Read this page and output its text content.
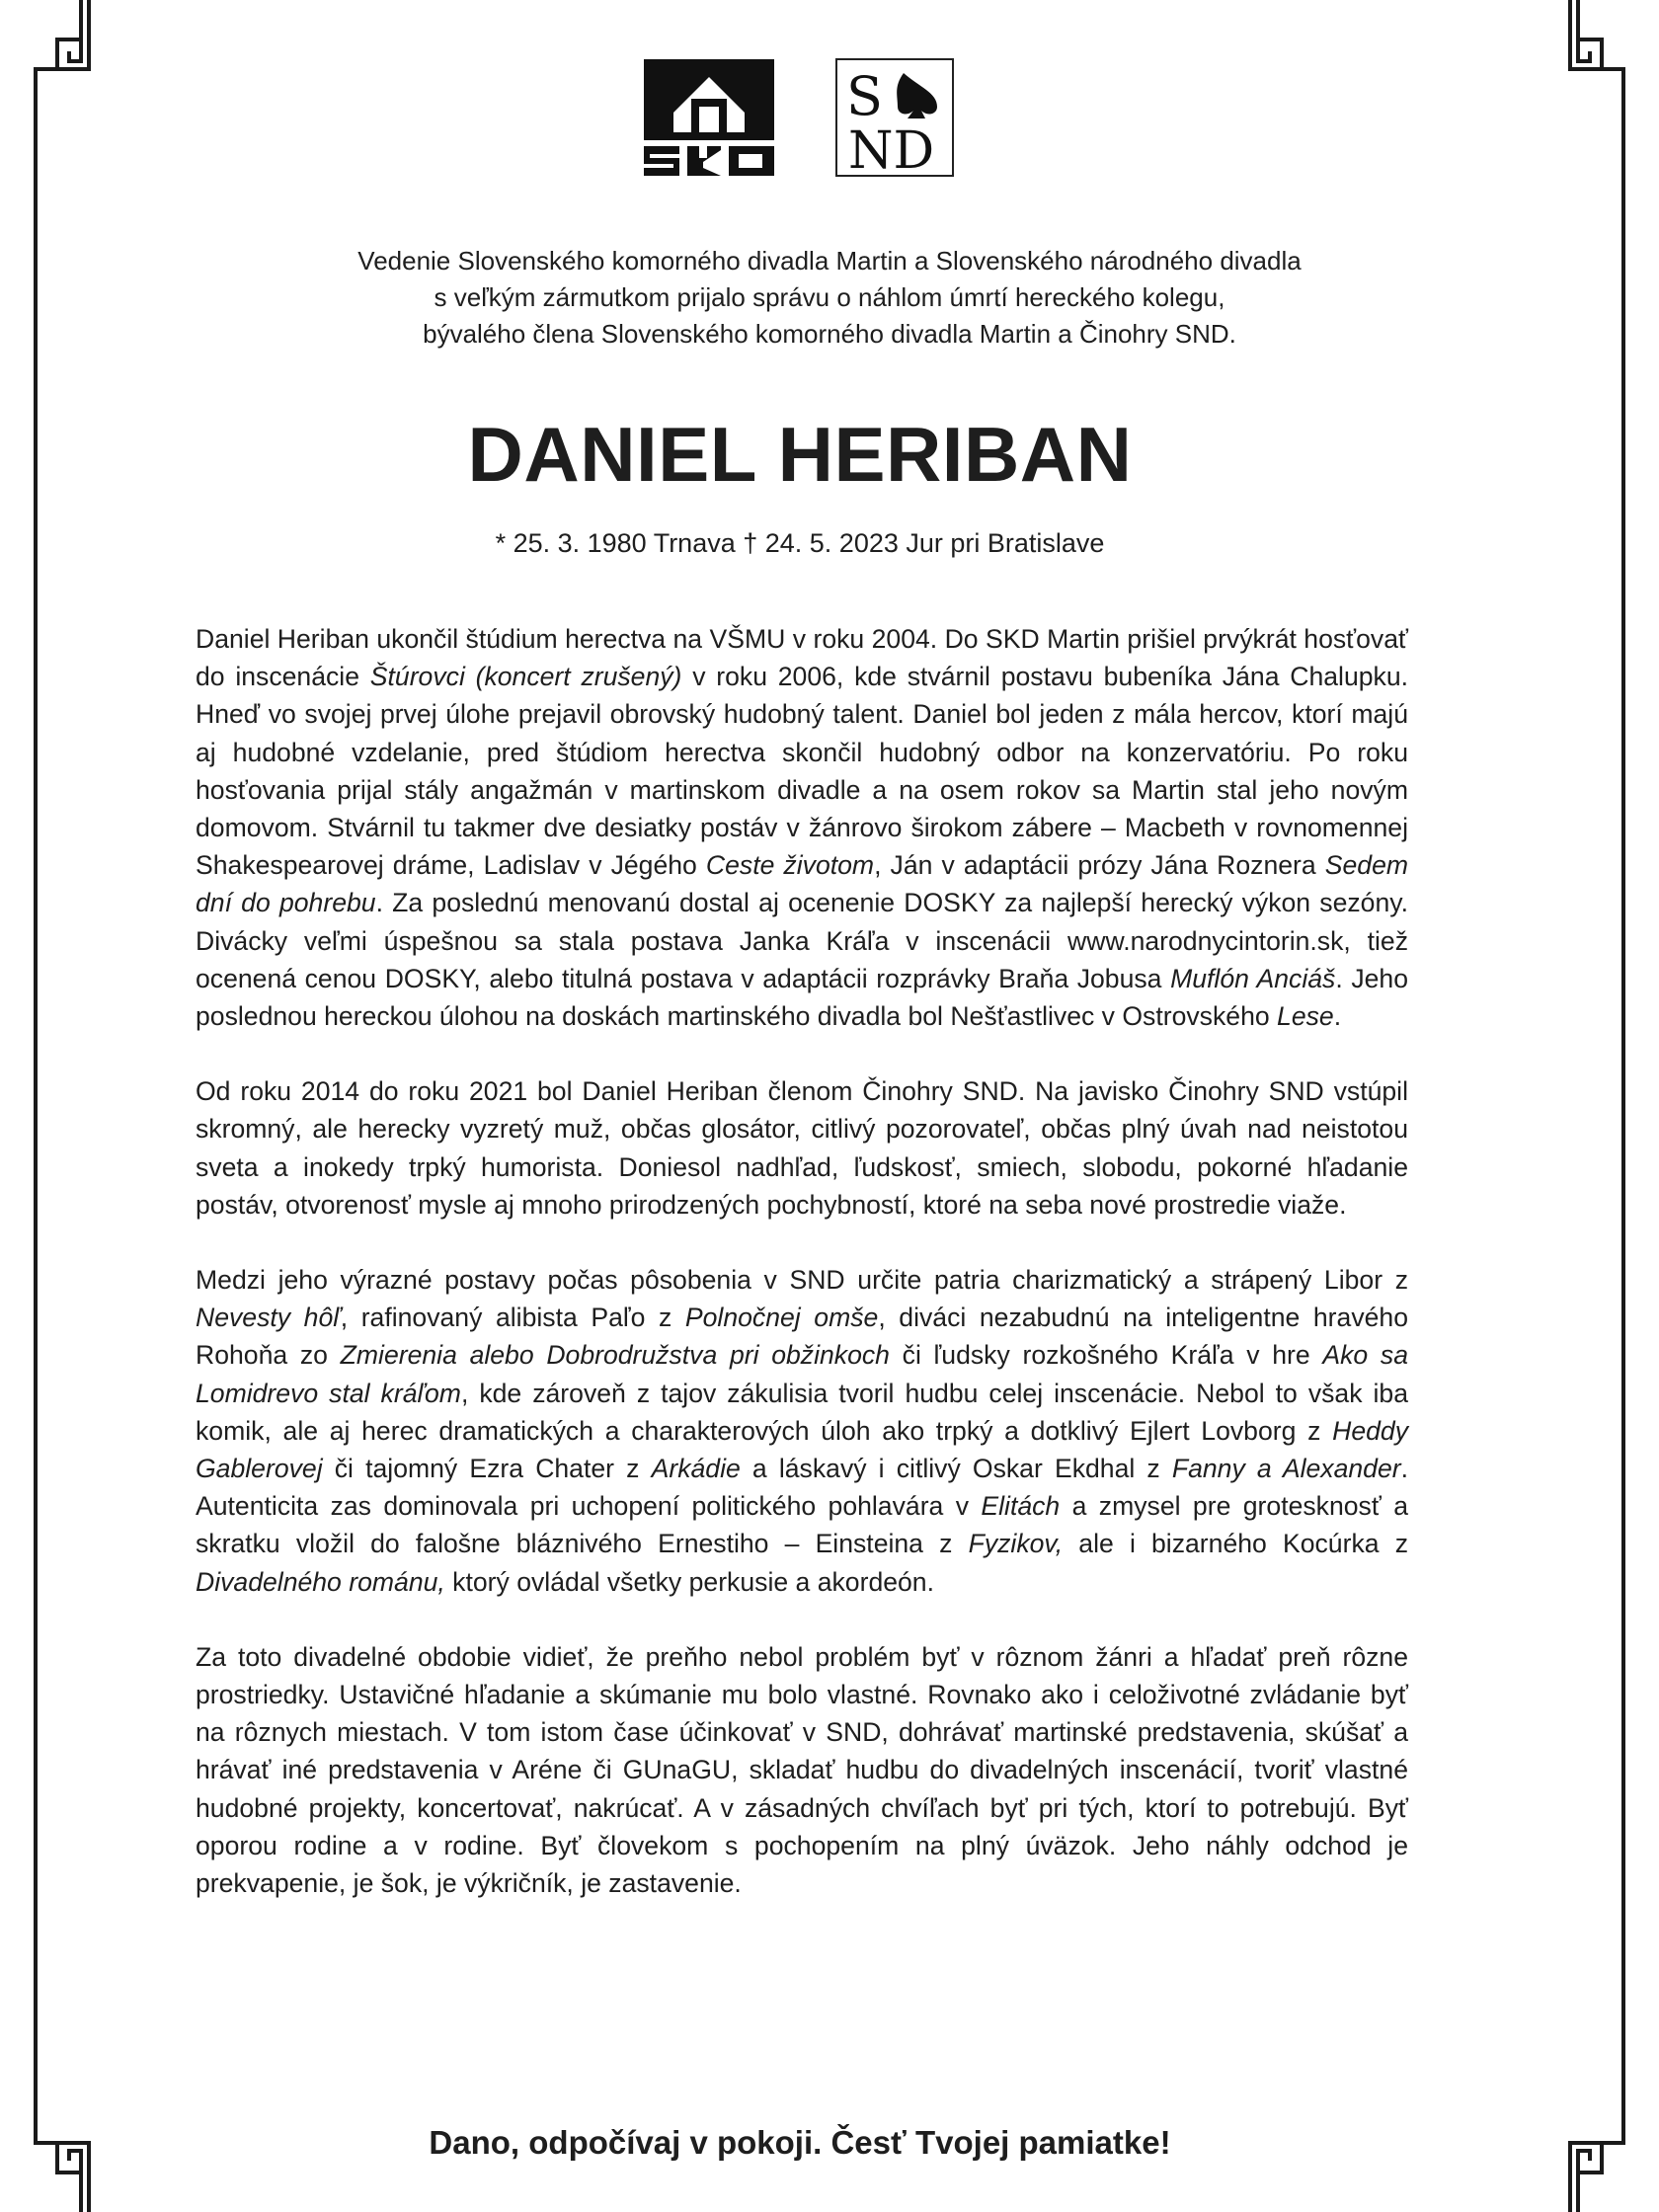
S
ND
Vedenie Slovenského komorného divadla Martin a Slovenského národného divadla
s veľkým zármutkom prijalo správu o náhlom úmrtí hereckého kolegu,
bývalého člena Slovenského komorného divadla Martin a Činohry SND.
DANIEL HERIBAN
* 25. 3. 1980 Trnava † 24. 5. 2023 Jur pri Bratislave

Daniel Heriban ukončil štúdium herectva na VŠMU v roku 2004. Do SKD Martin prišiel prvýkrát hosťovať do inscenácie Štúrovci (koncert zrušený) v roku 2006, kde stvárnil postavu bubeníka Jána Chalupku. Hneď vo svojej prvej úlohe prejavil obrovský hudobný talent. Daniel bol jeden z mála hercov, ktorí majú aj hudobné vzdelanie, pred štúdiom herectva skončil hudobný odbor na konzervatóriu. Po roku hosťovania prijal stály angažmán v martinskom divadle a na osem rokov sa Martin stal jeho novým domovom. Stvárnil tu takmer dve desiatky postáv v žánrovo širokom zábere – Macbeth v rovnomennej Shakespearovej dráme, Ladislav v Jégého Ceste životom, Ján v adaptácii prózy Jána Roznera Sedem dní do pohrebu. Za poslednú menovanú dostal aj ocenenie DOSKY za najlepší herecký výkon sezóny. Divácky veľmi úspešnou sa stala postava Janka Kráľa v inscenácii www.narodnycintorin.sk, tiež ocenená cenou DOSKY, alebo titulná postava v adaptácii rozprávky Braňa Jobusa Muflón Anciáš. Jeho poslednou hereckou úlohou na doskách martinského divadla bol Nešťastlivec v Ostrovského Lese.

Od roku 2014 do roku 2021 bol Daniel Heriban členom Činohry SND. Na javisko Činohry SND vstúpil skromný, ale herecky vyzretý muž, občas glosátor, citlivý pozorovateľ, občas plný úvah nad neistotou sveta a inokedy trpký humorista. Doniesol nadhľad, ľudskosť, smiech, slobodu, pokorné hľadanie postáv, otvorenosť mysle aj mnoho prirodzených pochybností, ktoré na seba nové prostredie viaže.

Medzi jeho výrazné postavy počas pôsobenia v SND určite patria charizmatický a strápený Libor z Nevesty hôľ, rafinovaný alibista Paľo z Polnočnej omše, diváci nezabudnú na inteligentne hravého Rohoňa zo Zmierenia alebo Dobrodružstva pri obžinkoch či ľudsky rozkošného Kráľa v hre Ako sa Lomidrevo stal kráľom, kde zároveň z tajov zákulisia tvoril hudbu celej inscenácie. Nebol to však iba komik, ale aj herec dramatických a charakterových úloh ako trpký a dotklivý Ejlert Lovborg z Heddy Gablerovej či tajomný Ezra Chater z Arkádie a láskavý i citlivý Oskar Ekdhal z Fanny a Alexander. Autenticita zas dominovala pri uchopení politického pohlavára v Elitách a zmysel pre grotesknosť a skratku vložil do falošne bláznivého Ernestiho – Einsteina z Fyzikov, ale i bizarného Kocúrka z Divadelného románu, ktorý ovládal všetky perkusie a akordeón.

Za toto divadelné obdobie vidieť, že preňho nebol problém byť v rôznom žánri a hľadať preň rôzne prostriedky. Ustavičné hľadanie a skúmanie mu bolo vlastné. Rovnako ako i celoživotné zvládanie byť na rôznych miestach. V tom istom čase účinkovať v SND, dohrávať martinské predstavenia, skúšať a hrávať iné predstavenia v Aréne či GUnaGU, skladať hudbu do divadelných inscenácií, tvoriť vlastné hudobné projekty, koncertovať, nakrúcať. A v zásadných chvíľach byť pri tých, ktorí to potrebujú. Byť oporou rodine a v rodine. Byť človekom s pochopením na plný úväzok. Jeho náhly odchod je prekvapenie, je šok, je výkričník, je zastavenie.

Dano, odpočívaj v pokoji. Česť Tvojej pamiatke!
